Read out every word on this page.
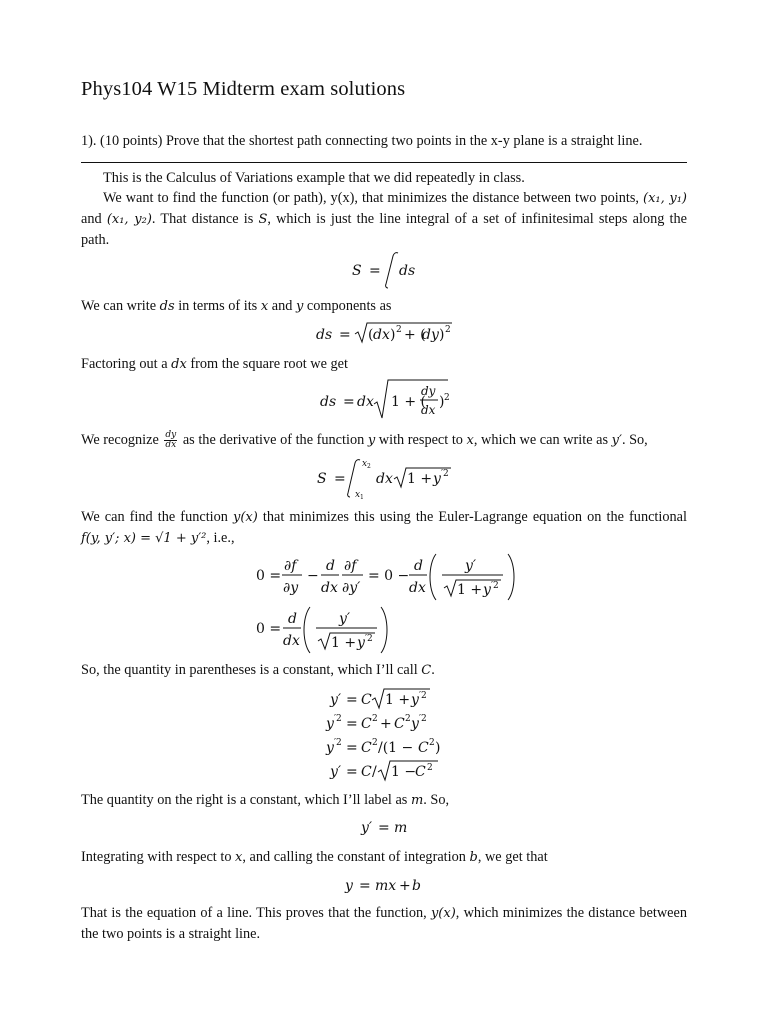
Phys104 W15 Midterm exam solutions
1). (10 points) Prove that the shortest path connecting two points in the x-y plane is a straight line.
This is the Calculus of Variations example that we did repeatedly in class.
We want to find the function (or path), y(x), that minimizes the distance between two points, (x₁, y₁) and (x₁, y₂). That distance is S, which is just the line integral of a set of infinitesimal steps along the path.
S = ds
We can write ds in terms of its x and y components as
ds = ( dx ) 2 + (
dy ) 2
Factoring out a dx from the square root we get
ds = dx 1 + (
dy
dx ) 2
We recognize $\frac{dy}{dx}$ as the derivative of the function y with respect to x, which we can write as y′. So,
S =
x 2
x 1
dx 1 + y ′2
We can find the function y(x) that minimizes this using the Euler-Lagrange equation on the functional f(y, y′; x) = √1 + y′², i.e.,
0 =
∂f
∂y
−
d
dx
∂f
∂y′
= 0 −
d
dx
y′
1 + y ′2
0 =
d
dx
y′
1 + y ′2
So, the quantity in parentheses is a constant, which I’ll call C.
y′ = C 1 + y ′2
y ′2 = C 2 + C 2 y ′2
y ′2 = C 2 /(1 − C 2 )
y′ = C / 1 −
C 2
The quantity on the right is a constant, which I’ll label as m. So,
y′ = m
Integrating with respect to x, and calling the constant of integration b, we get that
y = mx + b
That is the equation of a line. This proves that the function, y(x), which minimizes the distance between the two points is a straight line.
